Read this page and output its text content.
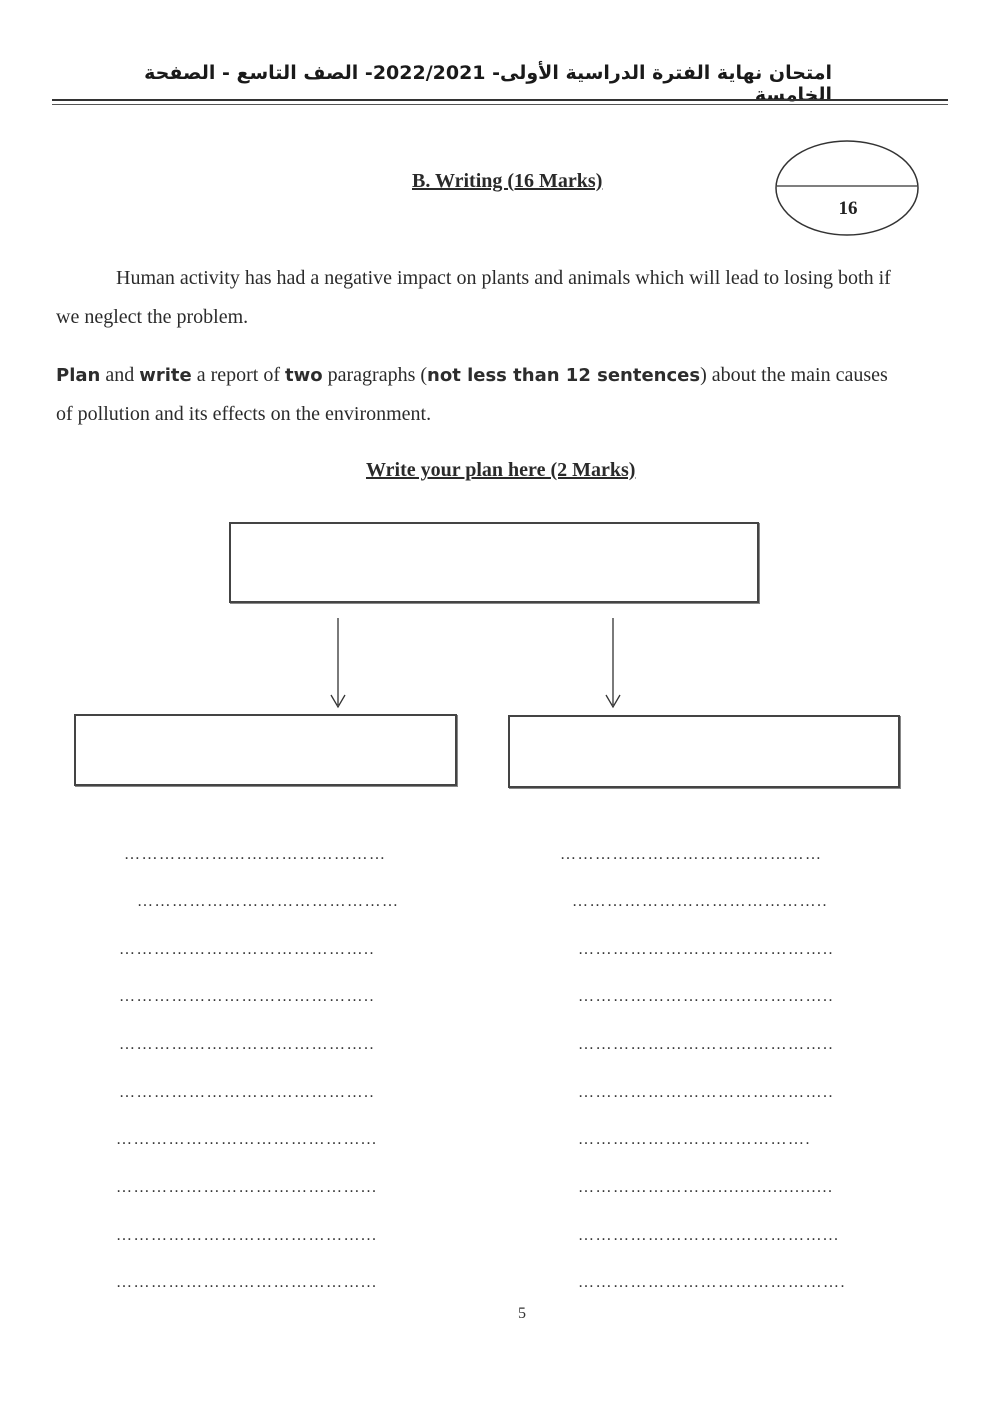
امتحان نهاية الفترة الدراسية الأولى- 2022/2021- الصف التاسع - الصفحة الخامسة
B. Writing (16 Marks)
16
Human activity has had a negative impact on plants and animals which will lead to losing both if we neglect the problem.
Plan and write a report of two paragraphs (not less than 12 sentences) about the main causes of pollution and its effects on the environment.
Write your plan here (2 Marks)
………………………………………
………………………………………
……………………………………..
……………………………………..
……………………………………..
……………………………………..
……………………………………...
……………………………………...
……………………………………...
……………………………………...
………………………………………
……………………………………..
……………………………………..
……………………………………..
……………………………………..
……………………………………..
………………………………….
…………………….....................
……………………………………...
……………………………………….
5
